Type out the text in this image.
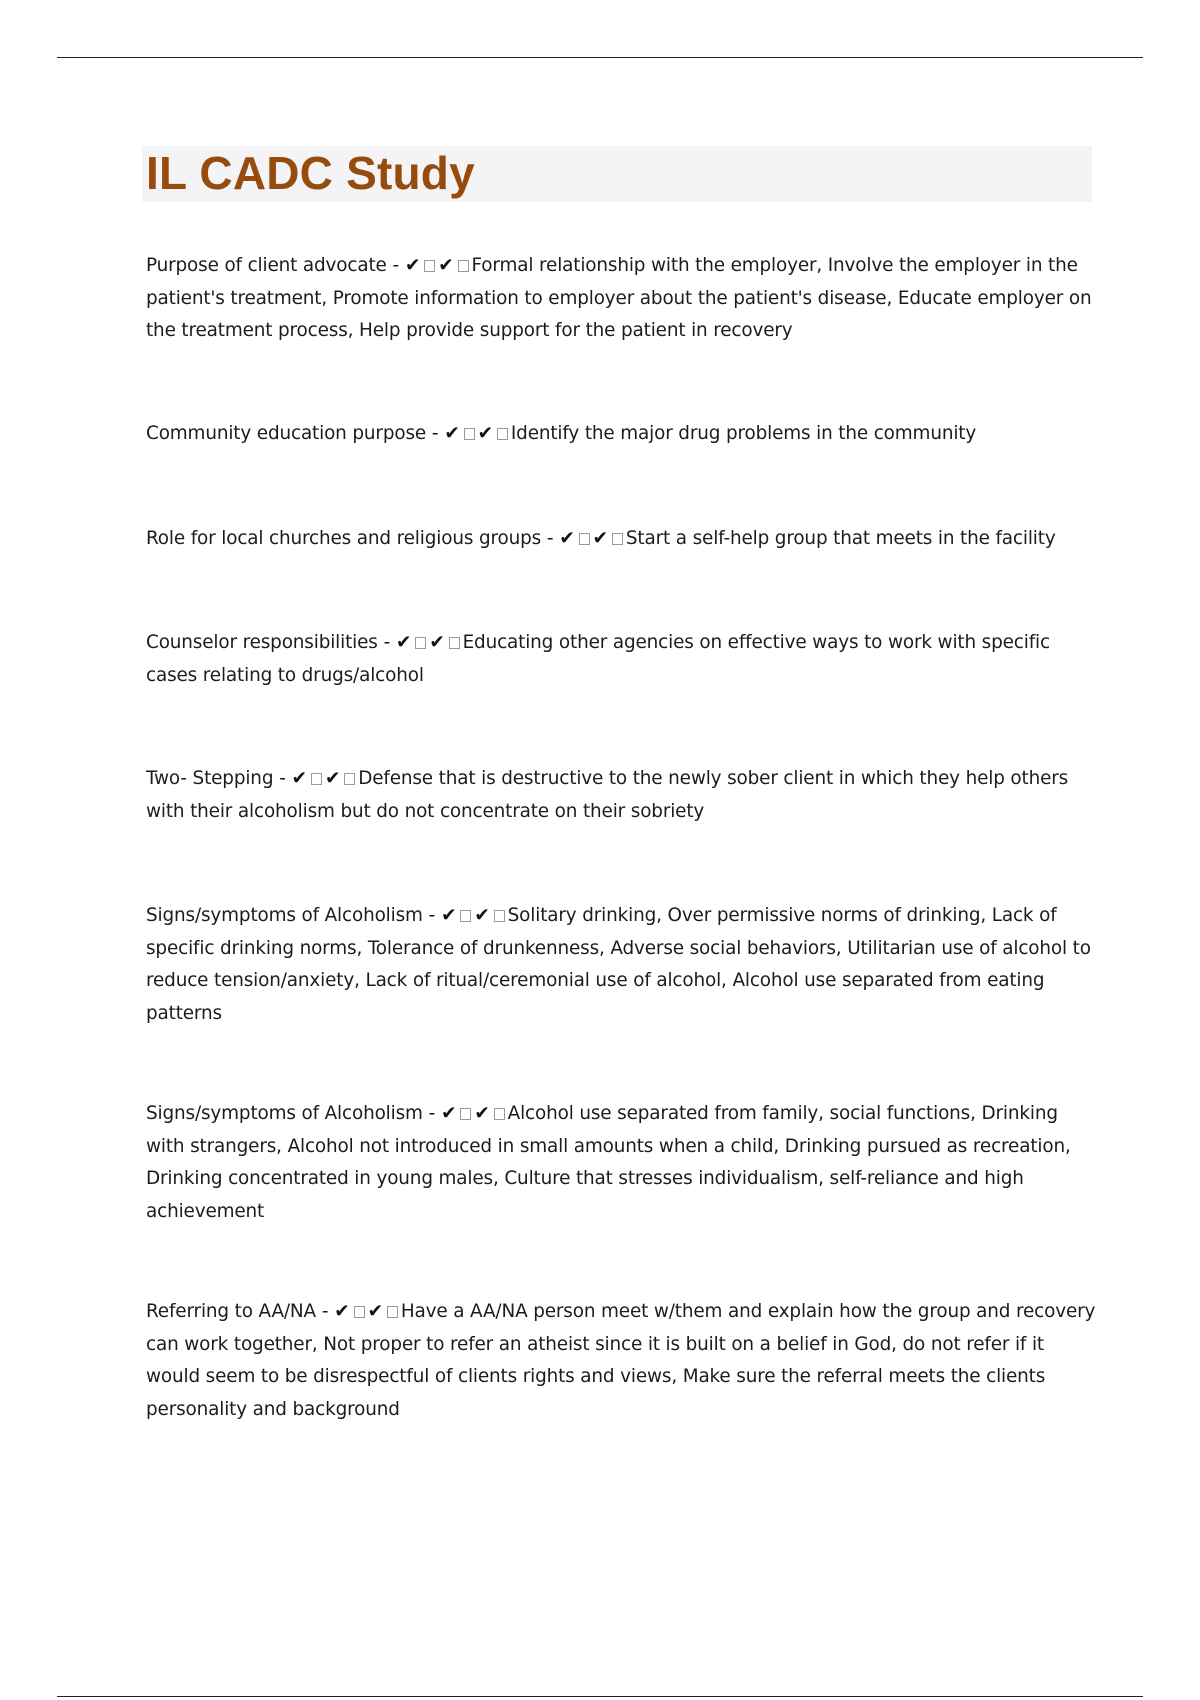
IL CADC Study

Purpose of client advocate - ✔ ✔ Formal relationship with the employer, Involve the employer in the patient's treatment, Promote information to employer about the patient's disease, Educate employer on the treatment process, Help provide support for the patient in recovery

Community education purpose - ✔ ✔ Identify the major drug problems in the community

Role for local churches and religious groups - ✔ ✔ Start a self-help group that meets in the facility

Counselor responsibilities - ✔ ✔ Educating other agencies on effective ways to work with specific cases relating to drugs/alcohol

Two- Stepping - ✔ ✔ Defense that is destructive to the newly sober client in which they help others with their alcoholism but do not concentrate on their sobriety

Signs/symptoms of Alcoholism - ✔ ✔ Solitary drinking, Over permissive norms of drinking, Lack of specific drinking norms, Tolerance of drunkenness, Adverse social behaviors, Utilitarian use of alcohol to reduce tension/anxiety, Lack of ritual/ceremonial use of alcohol, Alcohol use separated from eating patterns

Signs/symptoms of Alcoholism - ✔ ✔ Alcohol use separated from family, social functions, Drinking with strangers, Alcohol not introduced in small amounts when a child, Drinking pursued as recreation, Drinking concentrated in young males, Culture that stresses individualism, self-reliance and high achievement

Referring to AA/NA - ✔ ✔ Have a AA/NA person meet w/them and explain how the group and recovery can work together, Not proper to refer an atheist since it is built on a belief in God, do not refer if it would seem to be disrespectful of clients rights and views, Make sure the referral meets the clients personality and background
